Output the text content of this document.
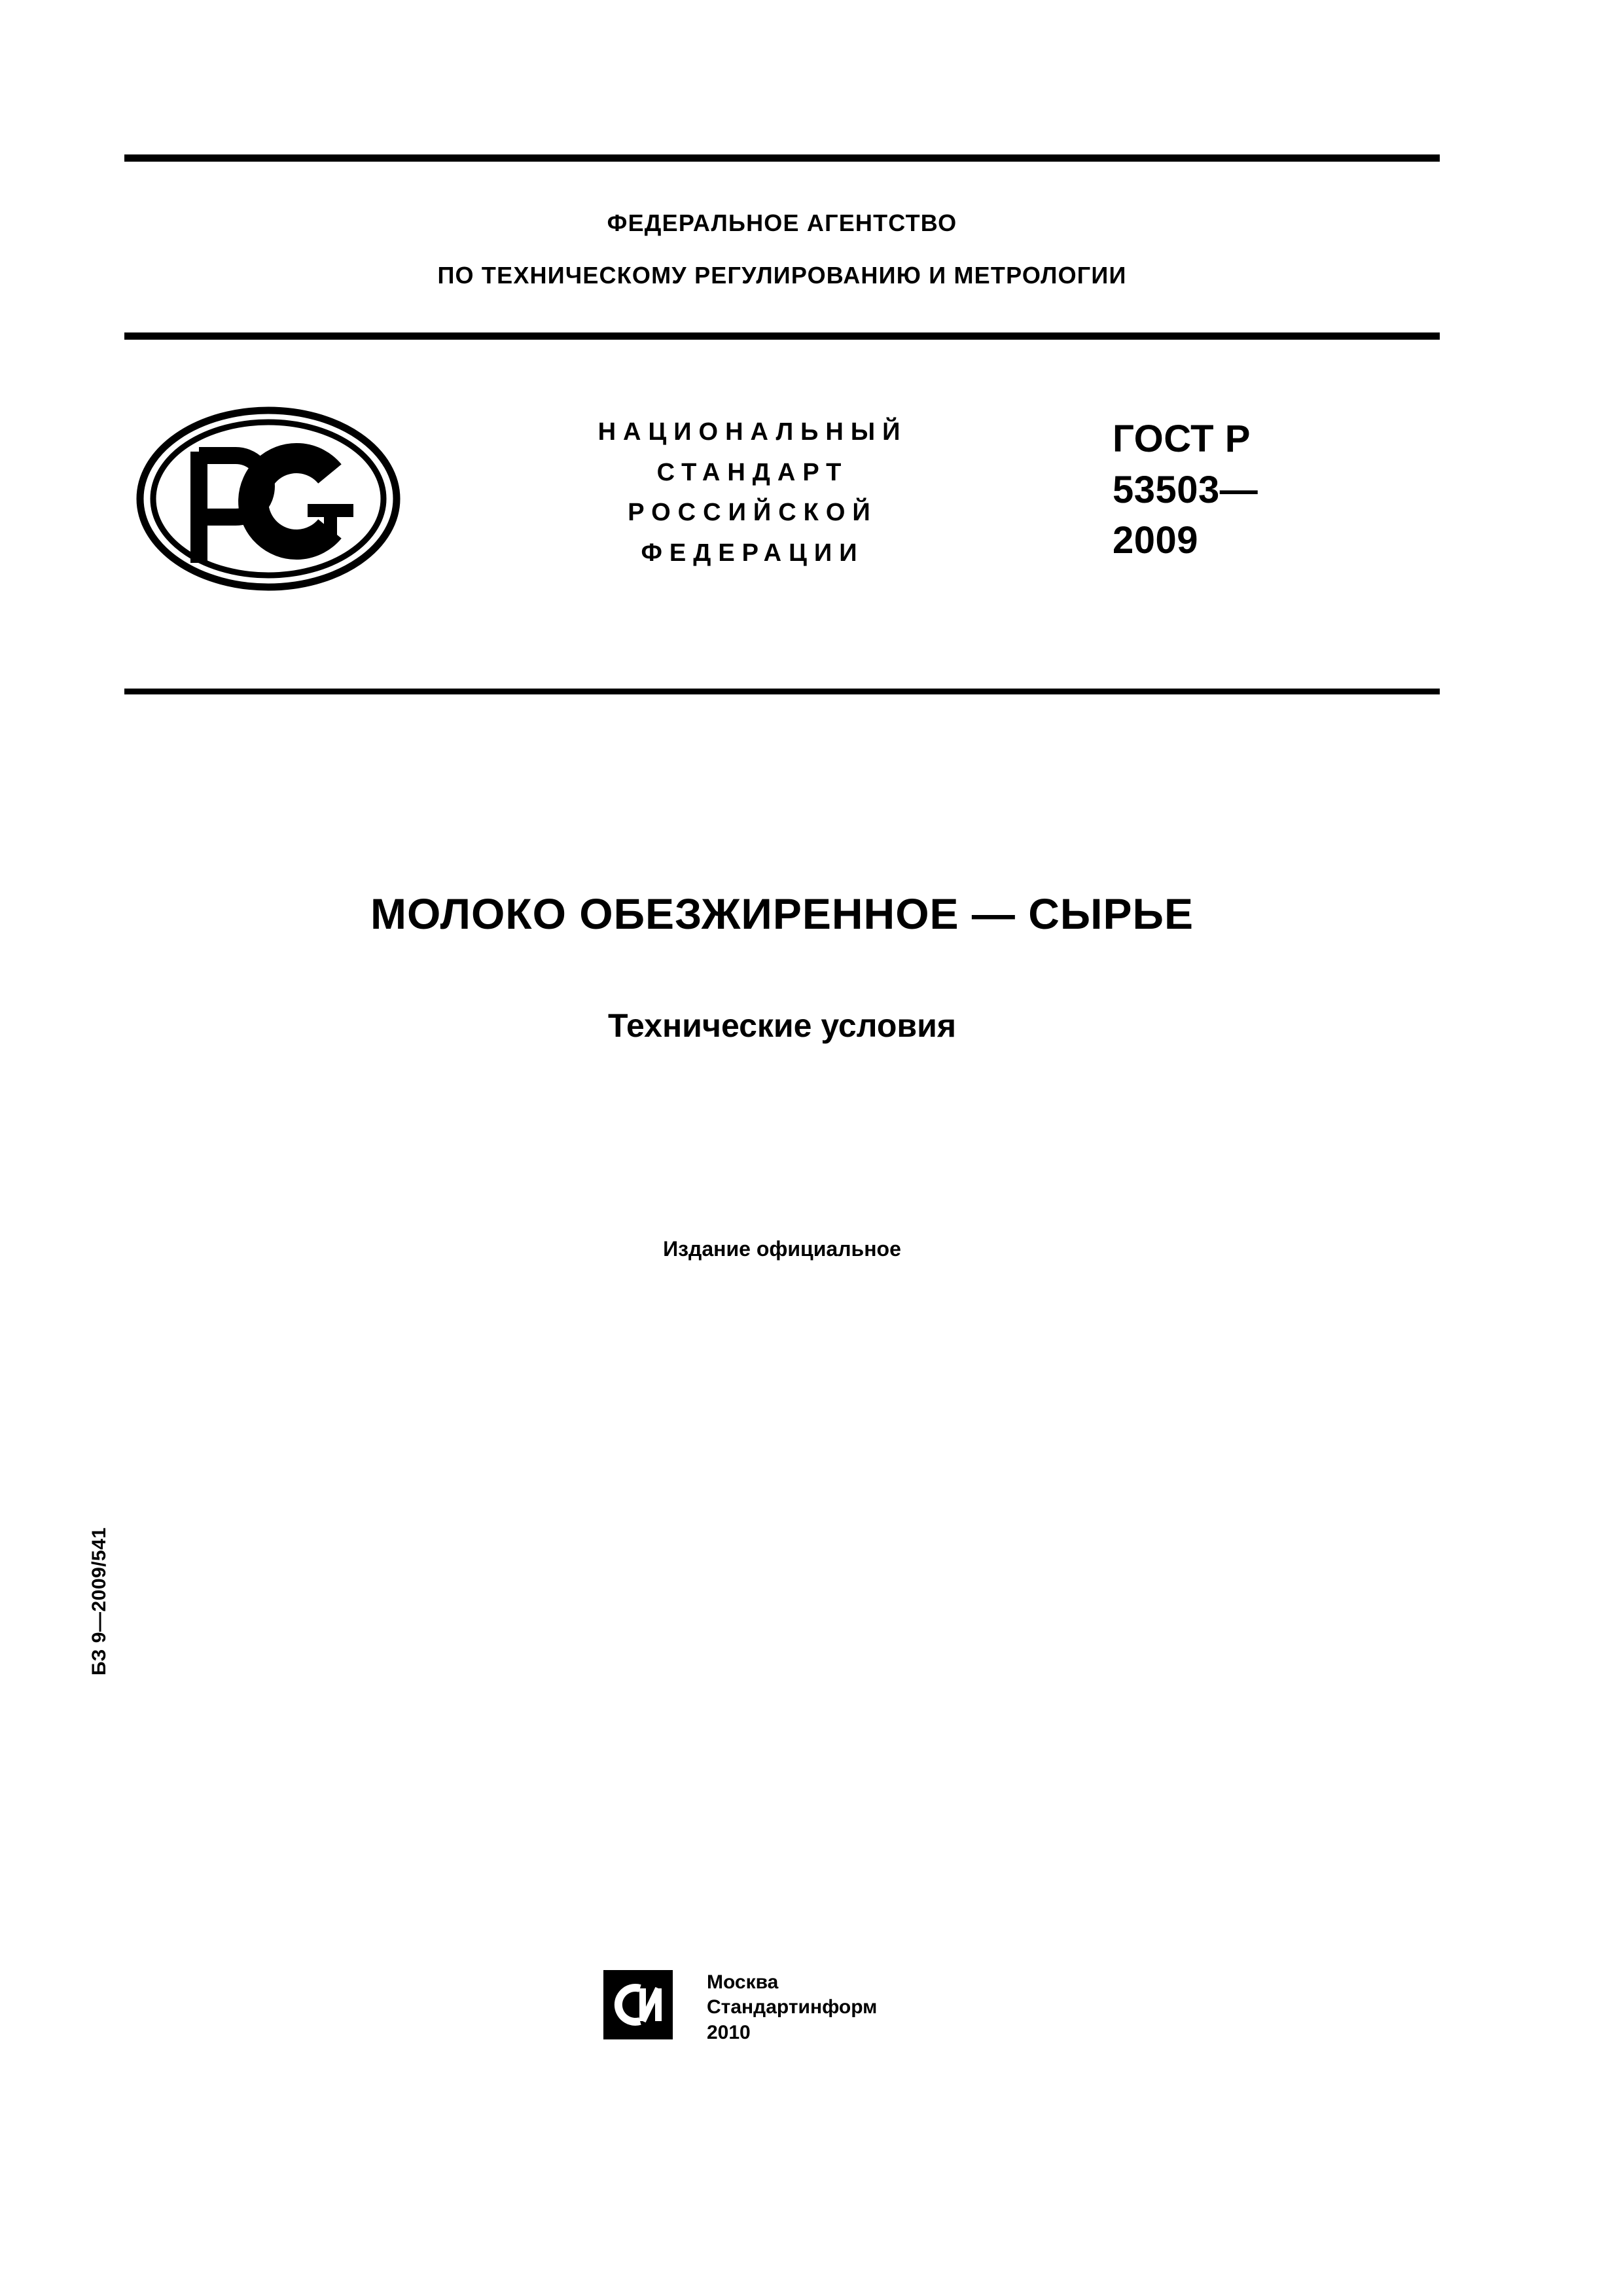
ФЕДЕРАЛЬНОЕ АГЕНТСТВО
ПО ТЕХНИЧЕСКОМУ РЕГУЛИРОВАНИЮ И МЕТРОЛОГИИ
НАЦИОНАЛЬНЫЙ
СТАНДАРТ
РОССИЙСКОЙ
ФЕДЕРАЦИИ
ГОСТ Р
53503—
2009
МОЛОКО ОБЕЗЖИРЕННОЕ — СЫРЬЕ
Технические условия
Издание официальное
БЗ 9—2009/541
Москва
Стандартинформ
2010
